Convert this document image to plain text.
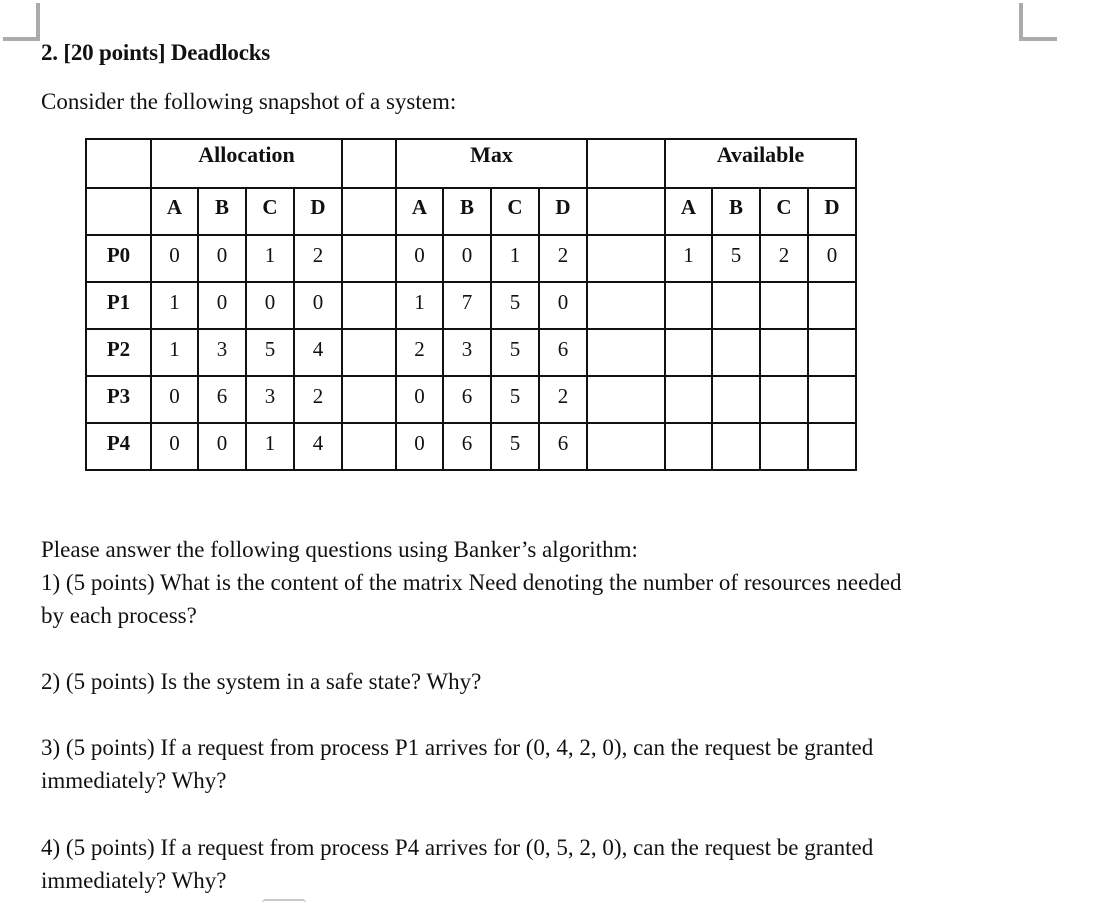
2. [20 points] Deadlocks
Consider the following snapshot of a system:
	Allocation					Max					Available			
	A	B	C	D		A	B	C	D		A	B	C	D
P0	0	0	1	2		0	0	1	2		1	5	2	0
P1	1	0	0	0		1	7	5	0					
P2	1	3	5	4		2	3	5	6					
P3	0	6	3	2		0	6	5	2					
P4	0	0	1	4		0	6	5	6					
Please answer the following questions using Banker’s algorithm:
1) (5 points) What is the content of the matrix Need denoting the number of resources needed
by each process?
2) (5 points) Is the system in a safe state? Why?
3) (5 points) If a request from process P1 arrives for (0, 4, 2, 0), can the request be granted
immediately? Why?
4) (5 points) If a request from process P4 arrives for (0, 5, 2, 0), can the request be granted
immediately? Why?
